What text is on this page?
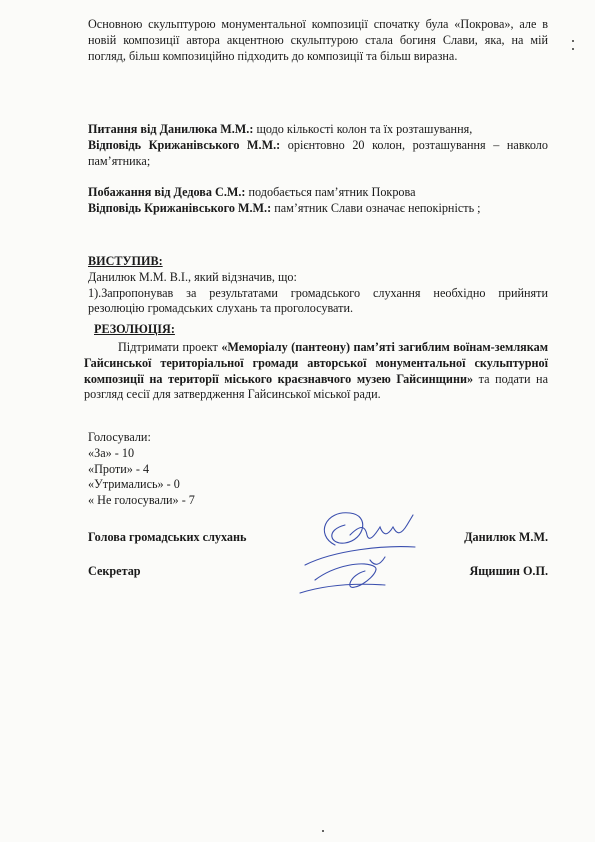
Основною скульптурою монументальної композиції спочатку була «Покрова», але в новій композиції автора акцентною скульптурою стала богиня Слави, яка, на мій погляд, більш композиційно підходить до композиції та більш виразна.
Питання від Данилюка М.М.: щодо кількості колон та їх розташування,
Відповідь Крижанівського М.М.: орієнтовно 20 колон, розташування – навколо пам’ятника;
Побажання від Дедова С.М.: подобається пам’ятник Покрова
Відповідь Крижанівського М.М.: пам’ятник Слави означає непокірність ;
ВИСТУПИВ:
Данилюк М.М. В.І., який відзначив, що:
1).Запропонував за результатами громадського слухання необхідно прийняти резолюцію громадських слухань та проголосувати.
РЕЗОЛЮЦІЯ:
Підтримати проект «Меморіалу (пантеону) пам’яті загиблим воїнам-землякам Гайсинської територіальної громади авторської монументальної скульптурної композиції на території міського краєзнавчого музею Гайсинщини» та подати на розгляд сесії для затвердження Гайсинської міської ради.
Голосували:
«За» - 10
«Проти» - 4
«Утримались» - 0
« Не голосували» - 7
Голова громадських слухань	Данилюк М.М.
Секретар	Ящишин О.П.
